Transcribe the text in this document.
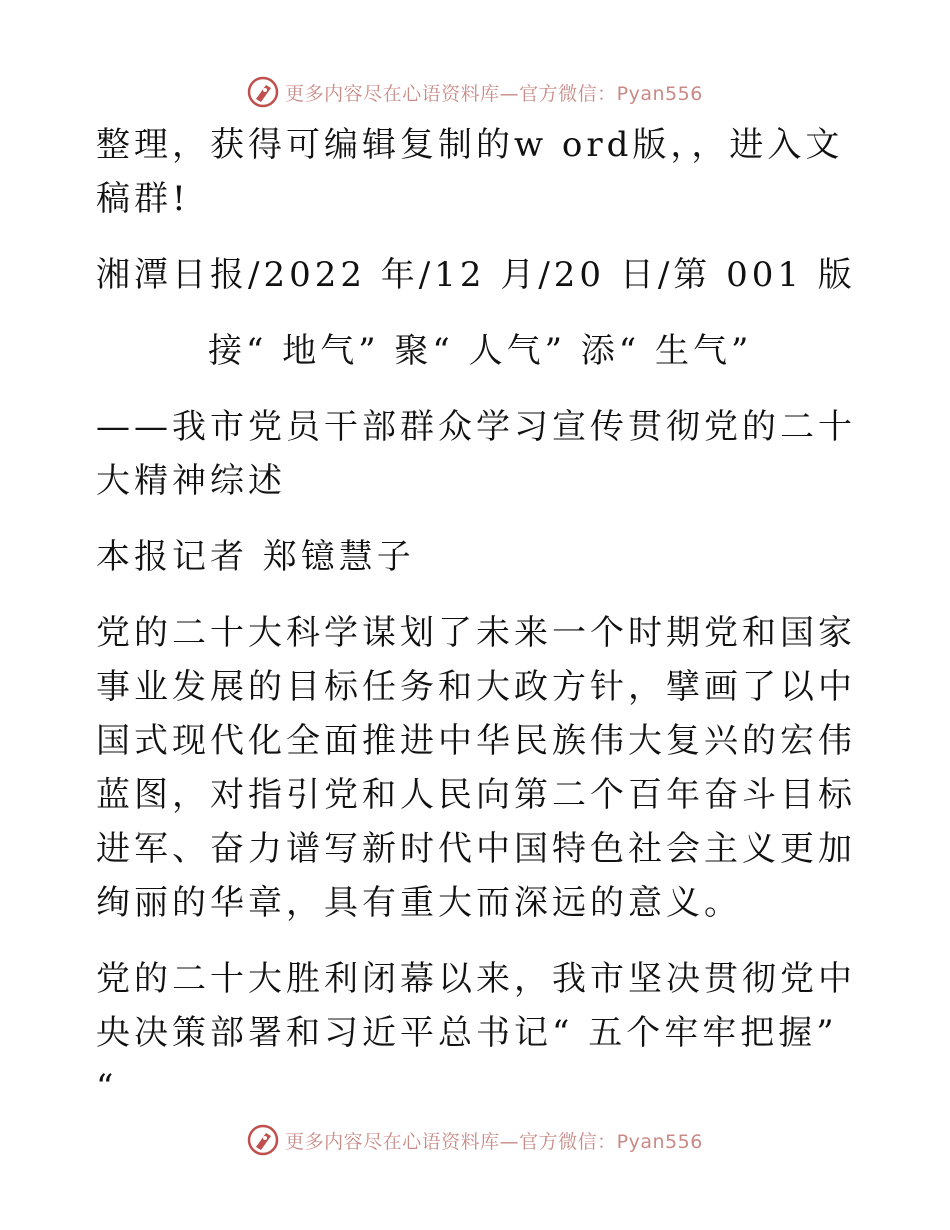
更多内容尽在心语资料库—官方微信：Pyan556

整理，获得可编辑复制的w ord版，，进入文稿群!

湘潭日报/2022 年/12 月/20 日/第 001 版

接“ 地气” 聚“ 人气” 添“ 生气”

——我市党员干部群众学习宣传贯彻党的二十大精神综述

本报记者 郑镱慧子

党的二十大科学谋划了未来一个时期党和国家事业发展的目标任务和大政方针，擘画了以中国式现代化全面推进中华民族伟大复兴的宏伟蓝图，对指引党和人民向第二个百年奋斗目标进军、奋力谱写新时代中国特色社会主义更加绚丽的华章，具有重大而深远的意义。

党的二十大胜利闭幕以来，我市坚决贯彻党中央决策部署和习近平总书记“ 五个牢牢把握” “

更多内容尽在心语资料库—官方微信：Pyan556
